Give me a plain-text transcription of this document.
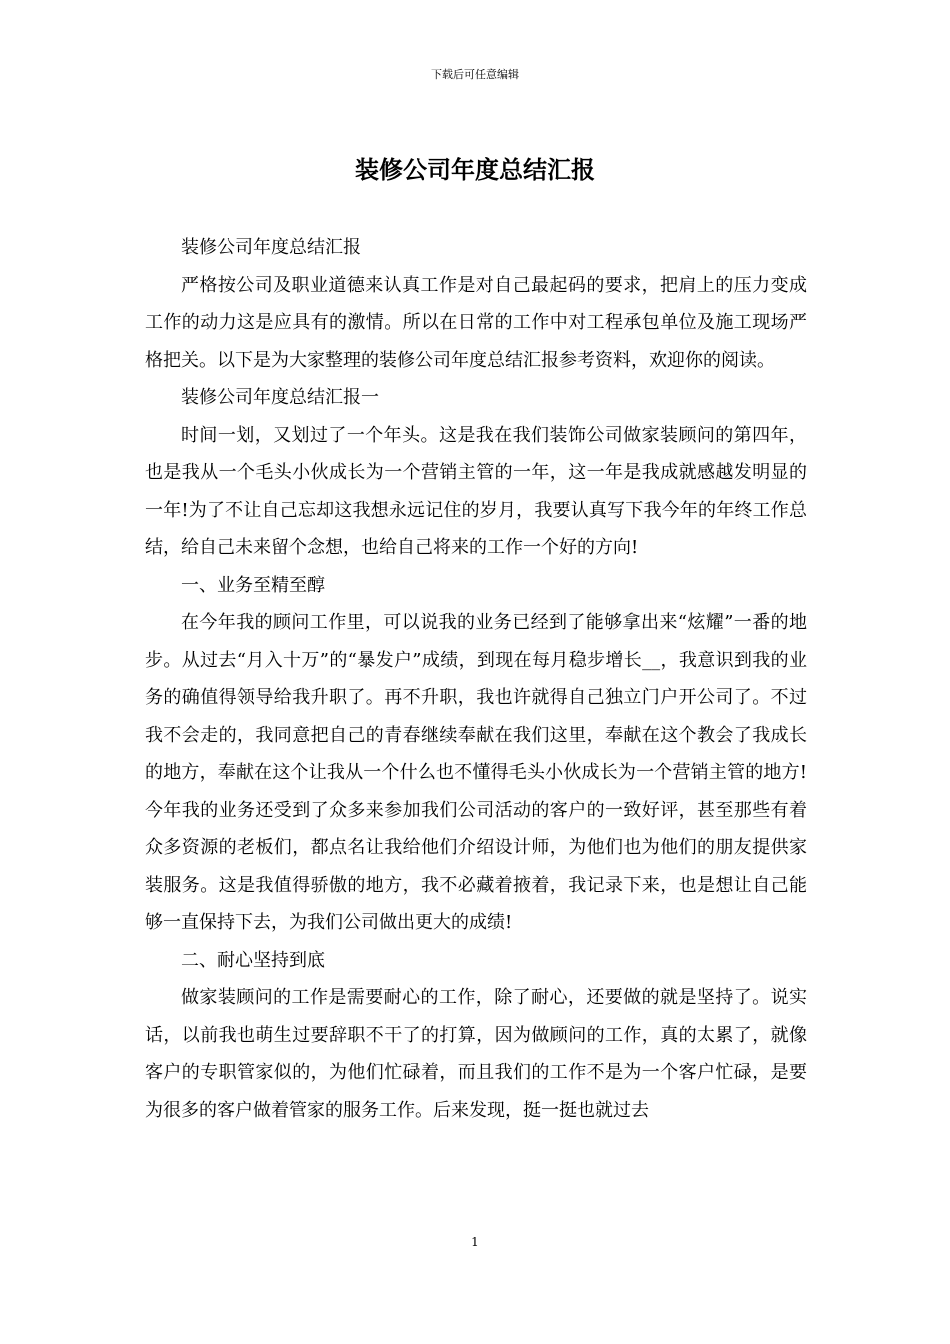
下载后可任意编辑
装修公司年度总结汇报

装修公司年度总结汇报

严格按公司及职业道德来认真工作是对自己最起码的要求，把肩上的压力变成工作的动力这是应具有的激情。所以在日常的工作中对工程承包单位及施工现场严格把关。以下是为大家整理的装修公司年度总结汇报参考资料，欢迎你的阅读。

装修公司年度总结汇报一

时间一划，又划过了一个年头。这是我在我们装饰公司做家装顾问的第四年，也是我从一个毛头小伙成长为一个营销主管的一年，这一年是我成就感越发明显的一年!为了不让自己忘却这我想永远记住的岁月，我要认真写下我今年的年终工作总结，给自己未来留个念想，也给自己将来的工作一个好的方向!

一、业务至精至醇

在今年我的顾问工作里，可以说我的业务已经到了能够拿出来“炫耀”一番的地步。从过去“月入十万”的“暴发户”成绩，到现在每月稳步增长__，我意识到我的业务的确值得领导给我升职了。再不升职，我也许就得自己独立门户开公司了。不过我不会走的，我同意把自己的青春继续奉献在我们这里，奉献在这个教会了我成长的地方，奉献在这个让我从一个什么也不懂得毛头小伙成长为一个营销主管的地方!今年我的业务还受到了众多来参加我们公司活动的客户的一致好评，甚至那些有着众多资源的老板们，都点名让我给他们介绍设计师，为他们也为他们的朋友提供家装服务。这是我值得骄傲的地方，我不必藏着掖着，我记录下来，也是想让自己能够一直保持下去，为我们公司做出更大的成绩!

二、耐心坚持到底

做家装顾问的工作是需要耐心的工作，除了耐心，还要做的就是坚持了。说实话，以前我也萌生过要辞职不干了的打算，因为做顾问的工作，真的太累了，就像客户的专职管家似的，为他们忙碌着，而且我们的工作不是为一个客户忙碌，是要为很多的客户做着管家的服务工作。后来发现，挺一挺也就过去

1
